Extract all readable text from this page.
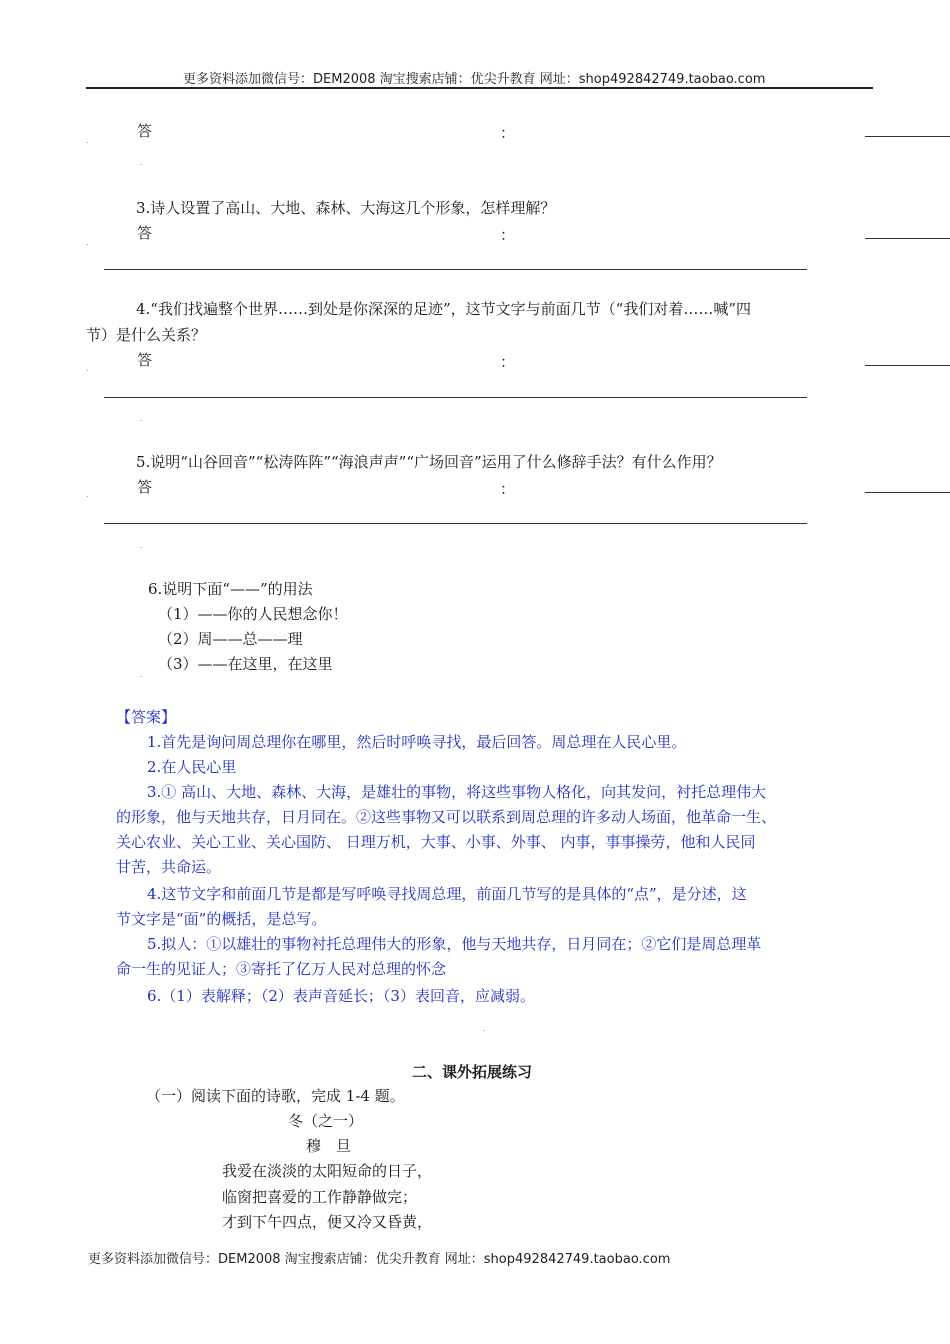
更多资料添加微信号：DEM2008 淘宝搜索店铺：优尖升教育 网址：shop492842749.taobao.com
.
答	：
.
3.诗人设置了高山、大地、森林、大海这几个形象，怎样理解？
.
答	：
4.“我们找遍整个世界……到处是你深深的足迹”，这节文字与前面几节（“我们对着……喊”四
节）是什么关系？
.	答	：
.
5.说明“山谷回音”“松涛阵阵”“海浪声声”“广场回音”运用了什么修辞手法？有什么作用？
.	答	：
.
6.说明下面“——”的用法
（1）——你的人民想念你！
（2）周——总——理
（3）——在这里，在这里
.
【答案】
1.首先是询问周总理你在哪里，然后时呼唤寻找，最后回答。周总理在人民心里。
2.在人民心里
3.① 高山、大地、森林、大海，是雄壮的事物，将这些事物人格化，向其发问，衬托总理伟大
的形象，他与天地共存，日月同在。②这些事物又可以联系到周总理的许多动人场面，他革命一生、
关心农业、关心工业、关心国防、 日理万机，大事、小事、外事、 内事，事事操劳，他和人民同
甘苦，共命运。
4.这节文字和前面几节是都是写呼唤寻找周总理，前面几节写的是具体的“点”，是分述，这
节文字是“面”的概括，是总写。
5.拟人：①以雄壮的事物衬托总理伟大的形象，他与天地共存，日月同在；②它们是周总理革
命一生的见证人；③寄托了亿万人民对总理的怀念
6.（1）表解释；（2）表声音延长；（3）表回音，应减弱。
.
二、课外拓展练习
（一）阅读下面的诗歌，完成 1-4 题。
冬（之一）
穆　旦
我爱在淡淡的太阳短命的日子，
临窗把喜爱的工作静静做完；
才到下午四点，便又冷又昏黄，
更多资料添加微信号：DEM2008 淘宝搜索店铺：优尖升教育 网址：shop492842749.taobao.com
